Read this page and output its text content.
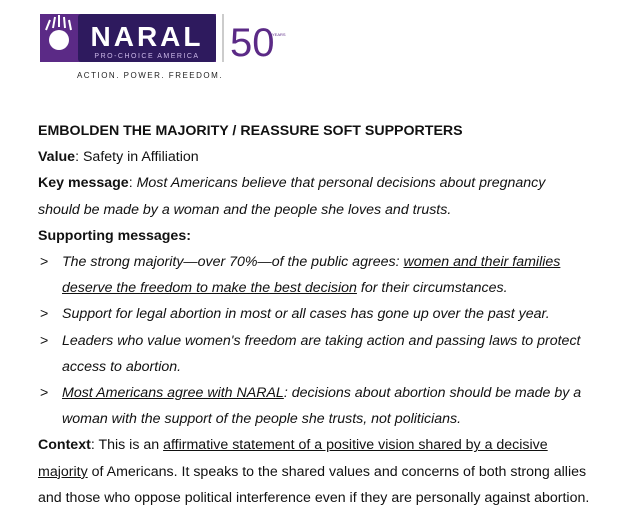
NARAL
PRO-CHOICE AMERICA 50
YEARS
ACTION. POWER. FREEDOM.
EMBOLDEN THE MAJORITY / REASSURE SOFT SUPPORTERS
Value: Safety in Affiliation
Key message: Most Americans believe that personal decisions about pregnancy
should be made by a woman and the people she loves and trusts.
Supporting messages:
> The strong majority—over 70%—of the public agrees: women and their families
deserve the freedom to make the best decision for their circumstances.
> Support for legal abortion in most or all cases has gone up over the past year.
> Leaders who value women's freedom are taking action and passing laws to protect
access to abortion.
> Most Americans agree with NARAL: decisions about abortion should be made by a
woman with the support of the people she trusts, not politicians.
Context: This is an affirmative statement of a positive vision shared by a decisive
majority of Americans. It speaks to the shared values and concerns of both strong allies
and those who oppose political interference even if they are personally against abortion.
